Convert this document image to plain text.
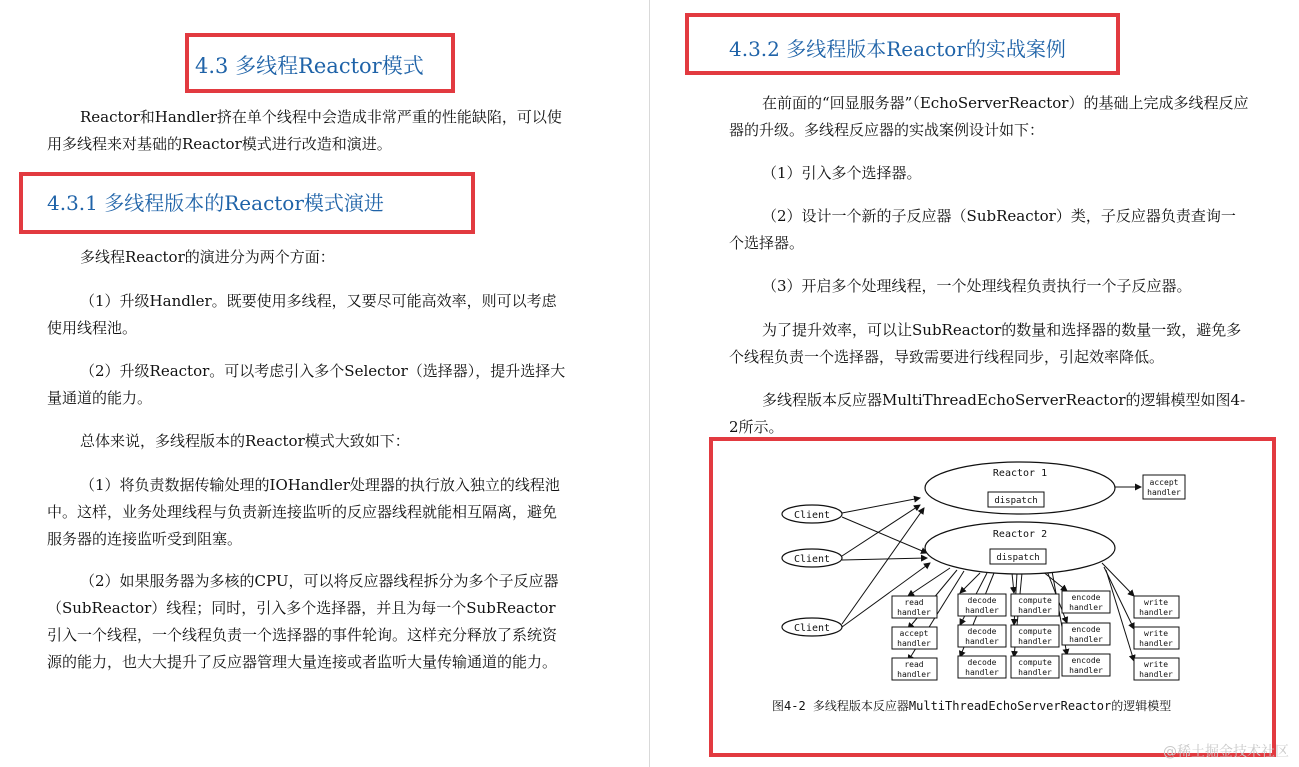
4.3 多线程Reactor模式
Reactor和Handler挤在单个线程中会造成非常严重的性能缺陷，可以使用多线程来对基础的Reactor模式进行改造和演进。
4.3.1 多线程版本的Reactor模式演进
多线程Reactor的演进分为两个方面：
（1）升级Handler。既要使用多线程，又要尽可能高效率，则可以考虑使用线程池。
（2）升级Reactor。可以考虑引入多个Selector（选择器），提升选择大量通道的能力。
总体来说，多线程版本的Reactor模式大致如下：
（1）将负责数据传输处理的IOHandler处理器的执行放入独立的线程池中。这样，业务处理线程与负责新连接监听的反应器线程就能相互隔离，避免服务器的连接监听受到阻塞。
（2）如果服务器为多核的CPU，可以将反应器线程拆分为多个子反应器（SubReactor）线程；同时，引入多个选择器，并且为每一个SubReactor引入一个线程，一个线程负责一个选择器的事件轮询。这样充分释放了系统资源的能力，也大大提升了反应器管理大量连接或者监听大量传输通道的能力。
4.3.2 多线程版本Reactor的实战案例
在前面的“回显服务器”（EchoServerReactor）的基础上完成多线程反应器的升级。多线程反应器的实战案例设计如下：
（1）引入多个选择器。
（2）设计一个新的子反应器（SubReactor）类，子反应器负责查询一个选择器。
（3）开启多个处理线程，一个处理线程负责执行一个子反应器。
为了提升效率，可以让SubReactor的数量和选择器的数量一致，避免多个线程负责一个选择器，导致需要进行线程同步，引起效率降低。
多线程版本反应器MultiThreadEchoServerReactor的逻辑模型如图4-2所示。
Reactor 1
dispatch
Reactor 2
dispatch
Client
Client
Client
accept
handler
read
handler
accept
handler
read
handler
decode
handler
decode
handler
decode
handler
compute
handler
compute
handler
compute
handler
encode
handler
encode
handler
encode
handler
write
handler
write
handler
write
handler
图4-2 多线程版本反应器MultiThreadEchoServerReactor的逻辑模型
@稀土掘金技术社区
